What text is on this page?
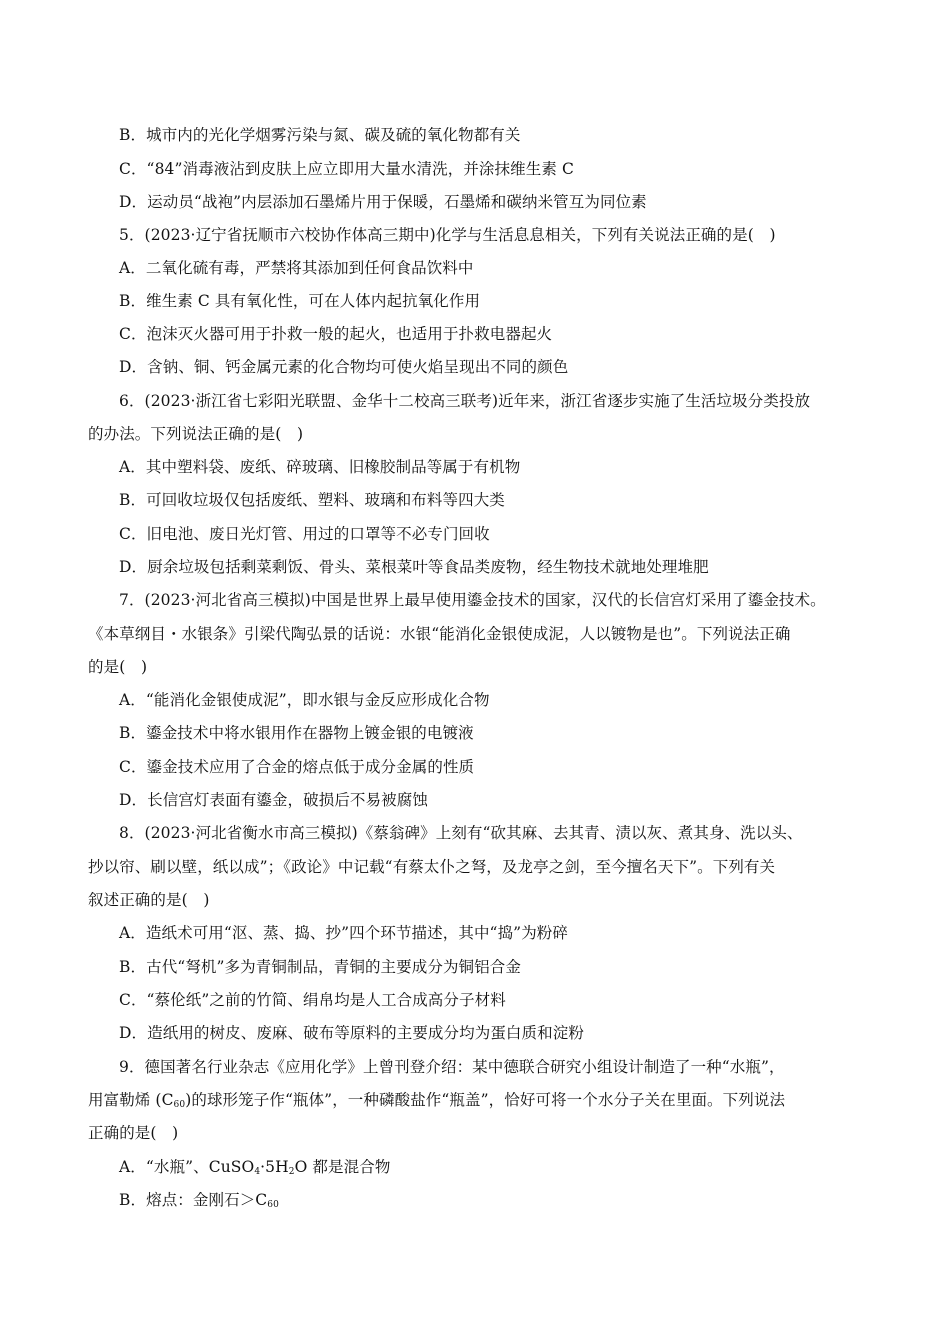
B．城市内的光化学烟雾污染与氮、碳及硫的氧化物都有关
C．“84”消毒液沾到皮肤上应立即用大量水清洗，并涂抹维生素 C
D．运动员“战袍”内层添加石墨烯片用于保暖，石墨烯和碳纳米管互为同位素
5．(2023·辽宁省抚顺市六校协作体高三期中)化学与生活息息相关，下列有关说法正确的是(　)
A．二氧化硫有毒，严禁将其添加到任何食品饮料中
B．维生素 C 具有氧化性，可在人体内起抗氧化作用
C．泡沫灭火器可用于扑救一般的起火，也适用于扑救电器起火
D．含钠、铜、钙金属元素的化合物均可使火焰呈现出不同的颜色
6．(2023·浙江省七彩阳光联盟、金华十二校高三联考)近年来，浙江省逐步实施了生活垃圾分类投放
的办法。下列说法正确的是(　)
A．其中塑料袋、废纸、碎玻璃、旧橡胶制品等属于有机物
B．可回收垃圾仅包括废纸、塑料、玻璃和布料等四大类
C．旧电池、废日光灯管、用过的口罩等不必专门回收
D．厨余垃圾包括剩菜剩饭、骨头、菜根菜叶等食品类废物，经生物技术就地处理堆肥
7．(2023·河北省高三模拟)中国是世界上最早使用鎏金技术的国家，汉代的长信宫灯采用了鎏金技术。
《本草纲目・水银条》引梁代陶弘景的话说：水银“能消化金银使成泥，人以镀物是也”。下列说法正确
的是(　)
A．“能消化金银使成泥”，即水银与金反应形成化合物
B．鎏金技术中将水银用作在器物上镀金银的电镀液
C．鎏金技术应用了合金的熔点低于成分金属的性质
D．长信宫灯表面有鎏金，破损后不易被腐蚀
8．(2023·河北省衡水市高三模拟)《蔡翁碑》上刻有“砍其麻、去其青、渍以灰、煮其身、洗以头、
抄以帘、刷以壁，纸以成”；《政论》中记载“有蔡太仆之弩，及龙亭之剑，至今擅名天下”。下列有关
叙述正确的是(　)
A．造纸术可用“沤、蒸、捣、抄”四个环节描述，其中“捣”为粉碎
B．古代“弩机”多为青铜制品，青铜的主要成分为铜铝合金
C．“蔡伦纸”之前的竹简、绢帛均是人工合成高分子材料
D．造纸用的树皮、废麻、破布等原料的主要成分均为蛋白质和淀粉
9．德国著名行业杂志《应用化学》上曾刊登介绍：某中德联合研究小组设计制造了一种“水瓶”，
用富勒烯 $(C_{60})$的球形笼子作“瓶体”，一种磷酸盐作“瓶盖”，恰好可将一个水分子关在里面。下列说法
正确的是(　)
A．“水瓶”、$CuSO_4\cdot 5H_2O$ 都是混合物
B．熔点：金刚石$>C_{60}$
